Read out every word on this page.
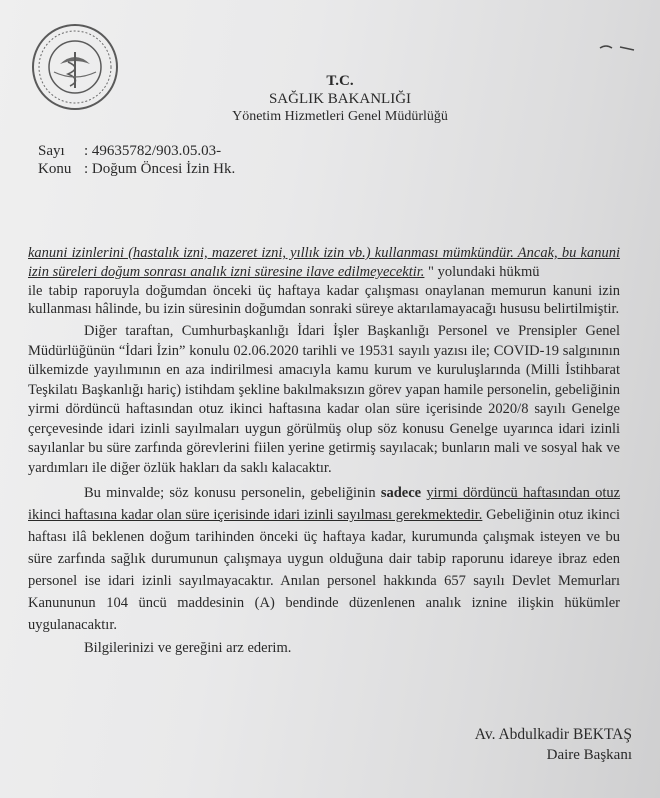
T.C.
SAĞLIK BAKANLIĞI
Yönetim Hizmetleri Genel Müdürlüğü
Sayı	: 49635782/903.05.03-
Konu : Doğum Öncesi İzin Hk.

kanuni izinlerini (hastalık izni, mazeret izni, yıllık izin vb.) kullanması mümkündür. Ancak, bu kanuni izin süreleri doğum sonrası analık izni süresine ilave edilmeyecektir. " yolundaki hükmü

ile tabip raporuyla doğumdan önceki üç haftaya kadar çalışması onaylanan memurun kanuni izin kullanması hâlinde, bu izin süresinin doğumdan sonraki süreye aktarılamayacağı hususu belirtilmiştir.

Diğer taraftan, Cumhurbaşkanlığı İdari İşler Başkanlığı Personel ve Prensipler Genel Müdürlüğünün “İdari İzin” konulu 02.06.2020 tarihli ve 19531 sayılı yazısı ile; COVID-19 salgınının ülkemizde yayılımının en aza indirilmesi amacıyla kamu kurum ve kuruluşlarında (Milli İstihbarat Teşkilatı Başkanlığı hariç) istihdam şekline bakılmaksızın görev yapan hamile personelin, gebeliğinin yirmi dördüncü haftasından otuz ikinci haftasına kadar olan süre içerisinde 2020/8 sayılı Genelge çerçevesinde idari izinli sayılmaları uygun görülmüş olup söz konusu Genelge uyarınca idari izinli sayılanlar bu süre zarfında görevlerini fiilen yerine getirmiş sayılacak; bunların mali ve sosyal hak ve yardımları ile diğer özlük hakları da saklı kalacaktır.

Bu minvalde; söz konusu personelin, gebeliğinin sadece yirmi dördüncü haftasından otuz ikinci haftasına kadar olan süre içerisinde idari izinli sayılması gerekmektedir. Gebeliğinin otuz ikinci haftası ilâ beklenen doğum tarihinden önceki üç haftaya kadar, kurumunda çalışmak isteyen ve bu süre zarfında sağlık durumunun çalışmaya uygun olduğuna dair tabip raporunu idareye ibraz eden personel ise idari izinli sayılmayacaktır. Anılan personel hakkında 657 sayılı Devlet Memurları Kanununun 104 üncü maddesinin (A) bendinde düzenlenen analık iznine ilişkin hükümler uygulanacaktır.

Bilgilerinizi ve gereğini arz ederim.

Av. Abdulkadir BEKTAŞ
Daire Başkanı
